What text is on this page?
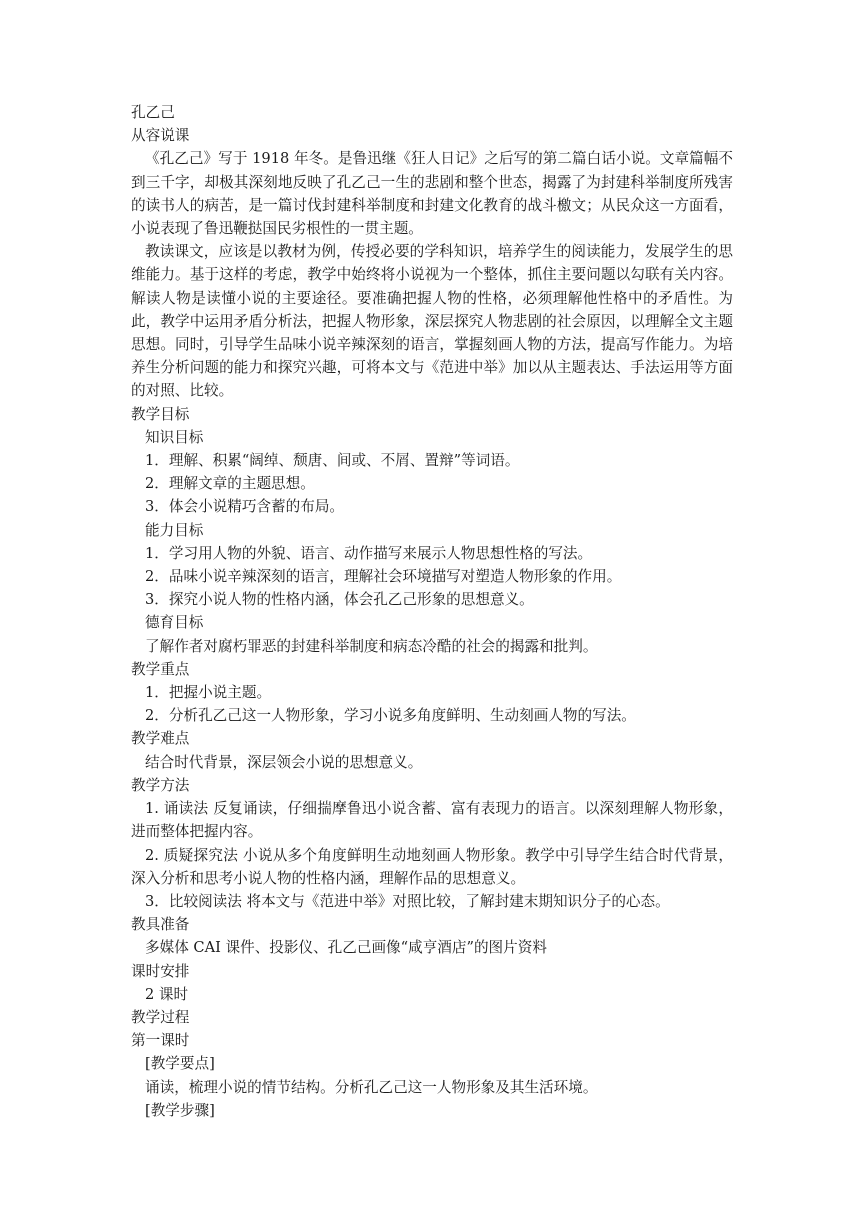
孔乙己

从容说课

《孔乙己》写于 1918 年冬。是鲁迅继《狂人日记》之后写的第二篇白话小说。文章篇幅不到三千字，却极其深刻地反映了孔乙己一生的悲剧和整个世态，揭露了为封建科举制度所残害的读书人的病苦，是一篇讨伐封建科举制度和封建文化教育的战斗檄文；从民众这一方面看，小说表现了鲁迅鞭挞国民劣根性的一贯主题。

教读课文，应该是以教材为例，传授必要的学科知识，培养学生的阅读能力，发展学生的思维能力。基于这样的考虑，教学中始终将小说视为一个整体，抓住主要问题以勾联有关内容。解读人物是读懂小说的主要途径。要准确把握人物的性格，必须理解他性格中的矛盾性。为此，教学中运用矛盾分析法，把握人物形象，深层探究人物悲剧的社会原因，以理解全文主题思想。同时，引导学生品味小说辛辣深刻的语言，掌握刻画人物的方法，提高写作能力。为培养生分析问题的能力和探究兴趣，可将本文与《范进中举》加以从主题表达、手法运用等方面的对照、比较。

教学目标

知识目标

1．理解、积累“阔绰、颓唐、间或、不屑、置辩”等词语。

2．理解文章的主题思想。

3．体会小说精巧含蓄的布局。

能力目标

1．学习用人物的外貌、语言、动作描写来展示人物思想性格的写法。

2．品味小说辛辣深刻的语言，理解社会环境描写对塑造人物形象的作用。

3．探究小说人物的性格内涵，体会孔乙己形象的思想意义。

德育目标

了解作者对腐朽罪恶的封建科举制度和病态冷酷的社会的揭露和批判。

教学重点

1．把握小说主题。

2．分析孔乙己这一人物形象，学习小说多角度鲜明、生动刻画人物的写法。

教学难点

结合时代背景，深层领会小说的思想意义。

教学方法

1. 诵读法 反复诵读，仔细揣摩鲁迅小说含蓄、富有表现力的语言。以深刻理解人物形象，进而整体把握内容。

2. 质疑探究法 小说从多个角度鲜明生动地刻画人物形象。教学中引导学生结合时代背景，深入分析和思考小说人物的性格内涵，理解作品的思想意义。

3．比较阅读法 将本文与《范进中举》对照比较，了解封建末期知识分子的心态。

教具准备

多媒体 CAI 课件、投影仪、孔乙己画像“咸亨酒店”的图片资料

课时安排

2 课时

教学过程

第一课时

[教学要点]

诵读，梳理小说的情节结构。分析孔乙己这一人物形象及其生活环境。

[教学步骤]
